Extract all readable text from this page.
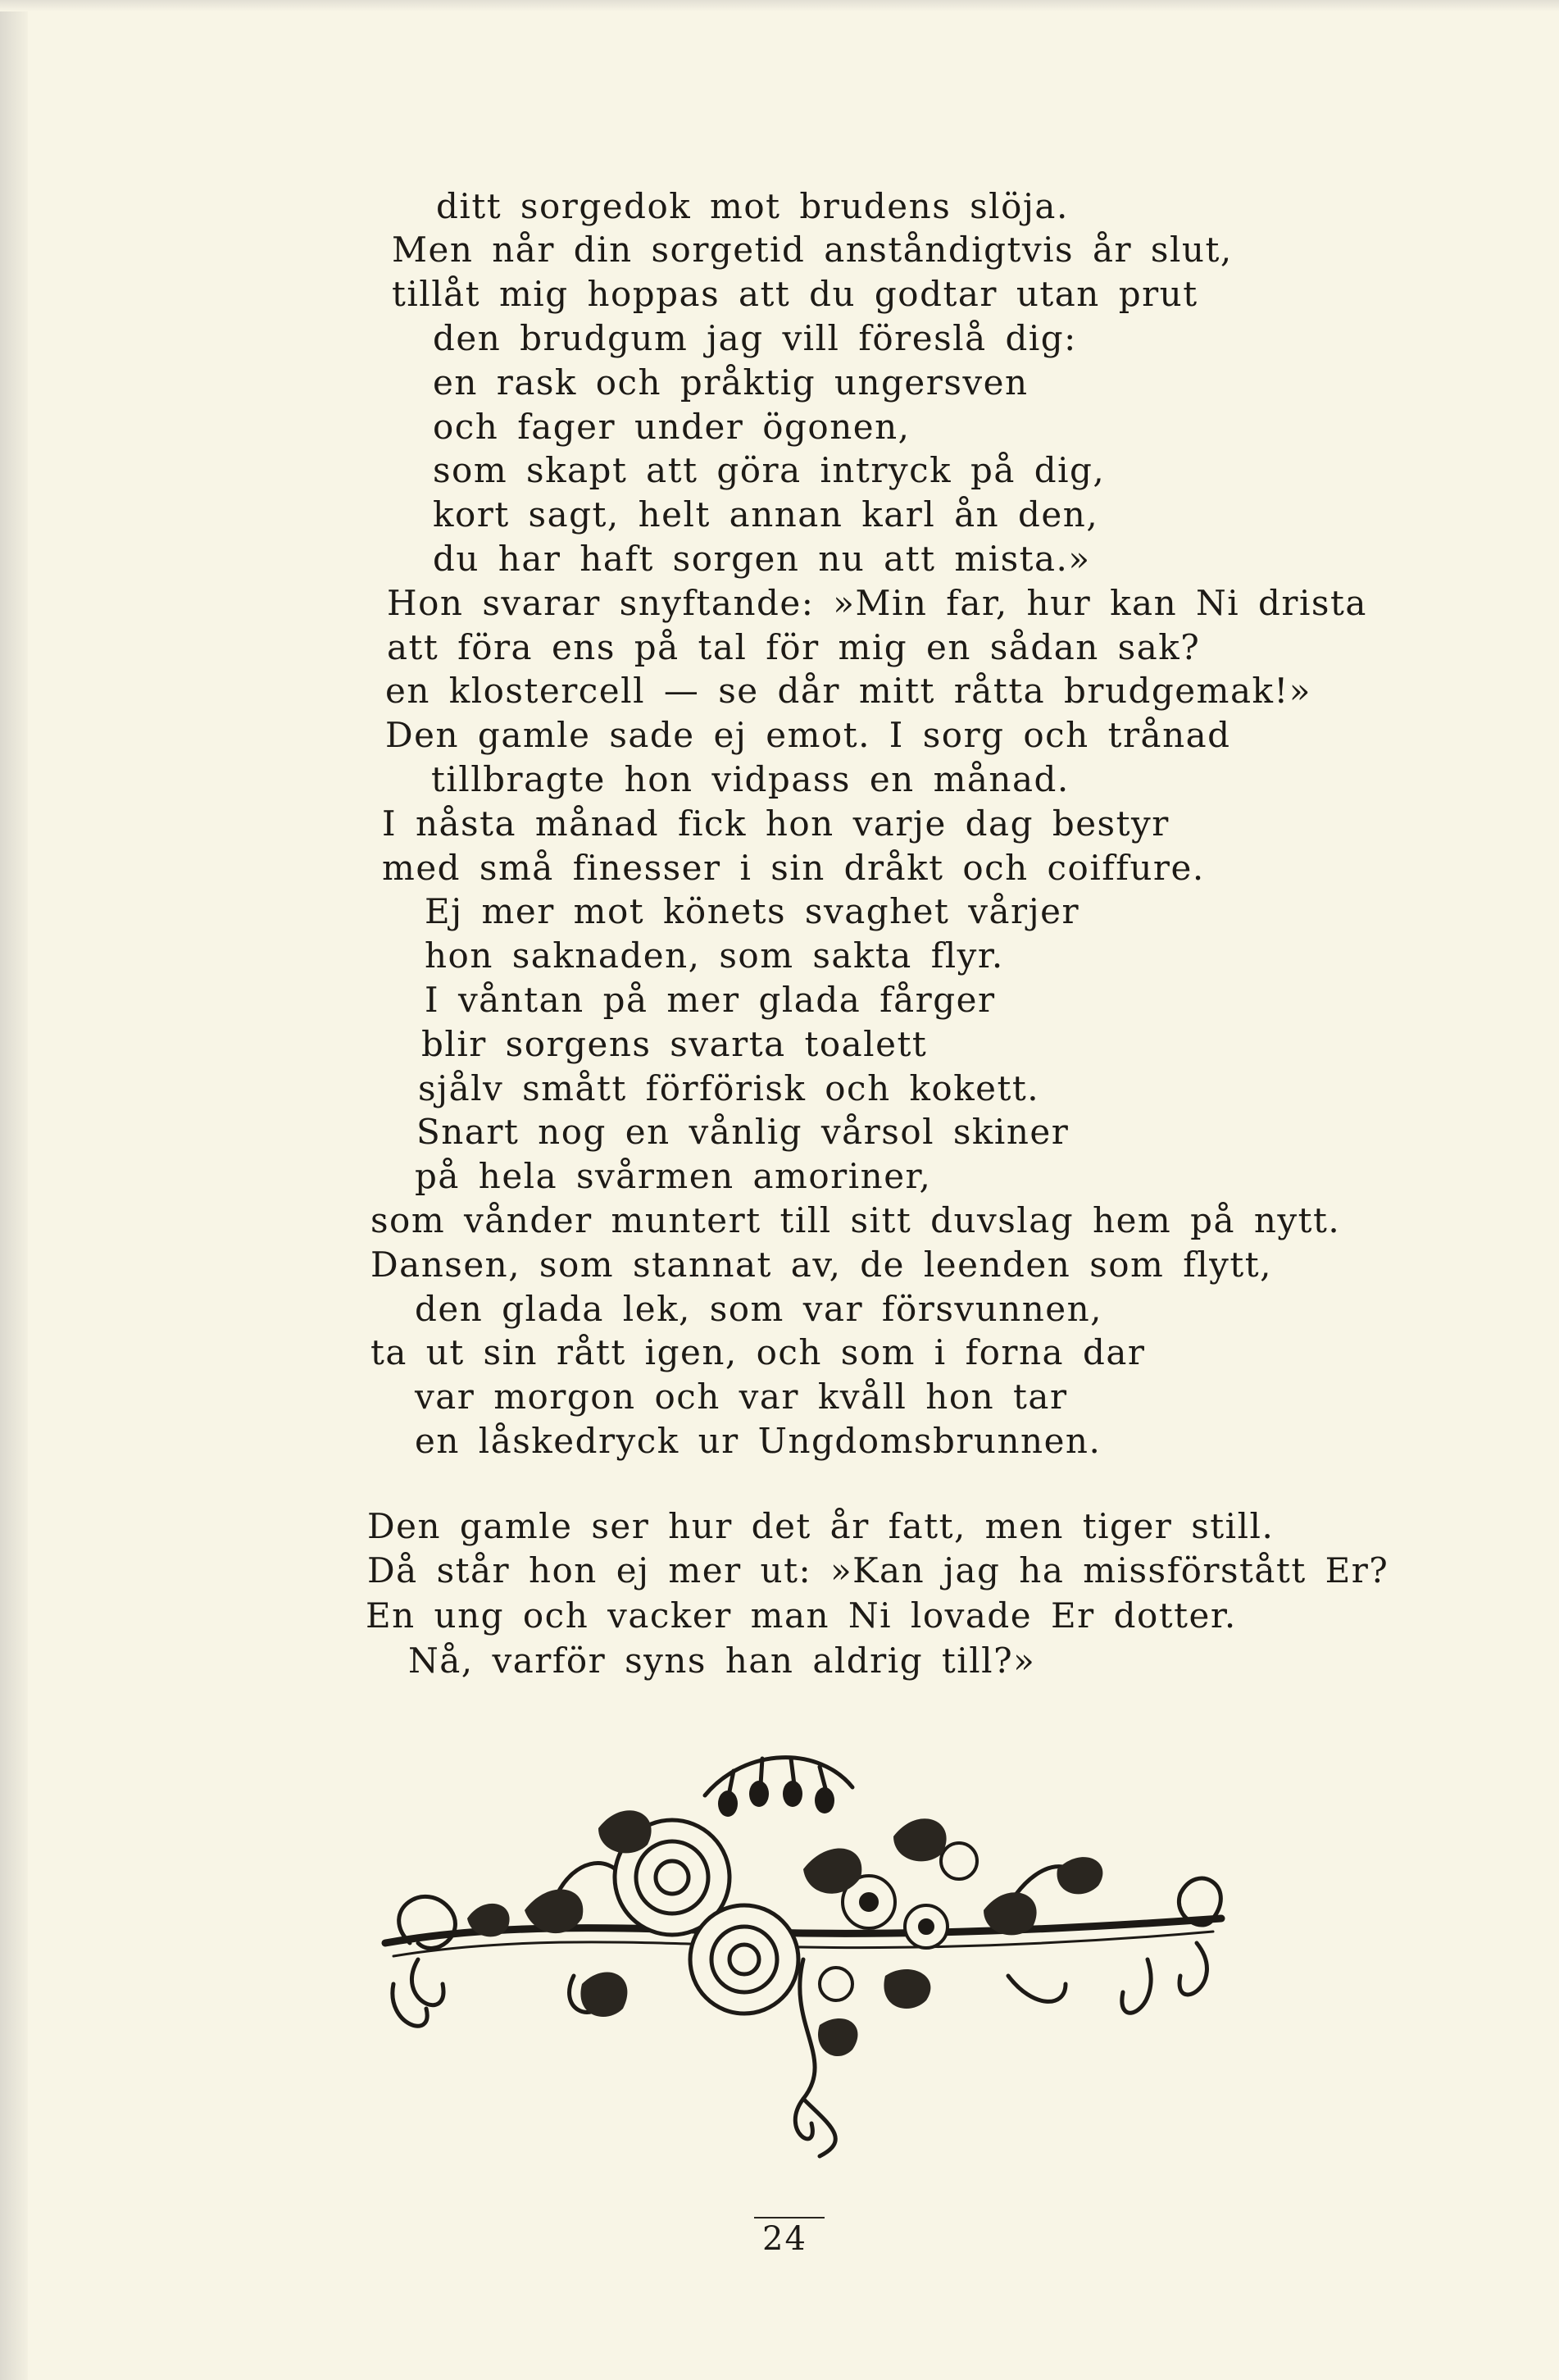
ditt sorgedok mot brudens slöja.
Men når din sorgetid anståndigtvis år slut,
tillåt mig hoppas att du godtar utan prut
den brudgum jag vill föreslå dig:
en rask och pråktig ungersven
och fager under ögonen,
som skapt att göra intryck på dig,
kort sagt, helt annan karl ån den,
du har haft sorgen nu att mista.»
Hon svarar snyftande: »Min far, hur kan Ni drista
att föra ens på tal för mig en sådan sak?
en klostercell — se dår mitt råtta brudgemak!»
Den gamle sade ej emot. I sorg och trånad
tillbragte hon vidpass en månad.
I nåsta månad fick hon varje dag bestyr
med små finesser i sin dråkt och coiffure.
Ej mer mot könets svaghet vårjer
hon saknaden, som sakta flyr.
I våntan på mer glada fårger
blir sorgens svarta toalett
sjålv smått förförisk och kokett.
Snart nog en vånlig vårsol skiner
på hela svårmen amoriner,
som vånder muntert till sitt duvslag hem på nytt.
Dansen, som stannat av, de leenden som flytt,
den glada lek, som var försvunnen,
ta ut sin rått igen, och som i forna dar
var morgon och var kvåll hon tar
en låskedryck ur Ungdomsbrunnen.
Den gamle ser hur det år fatt, men tiger still.
Då står hon ej mer ut: »Kan jag ha missförstått Er?
En ung och vacker man Ni lovade Er dotter.
Nå, varför syns han aldrig till?»
24
